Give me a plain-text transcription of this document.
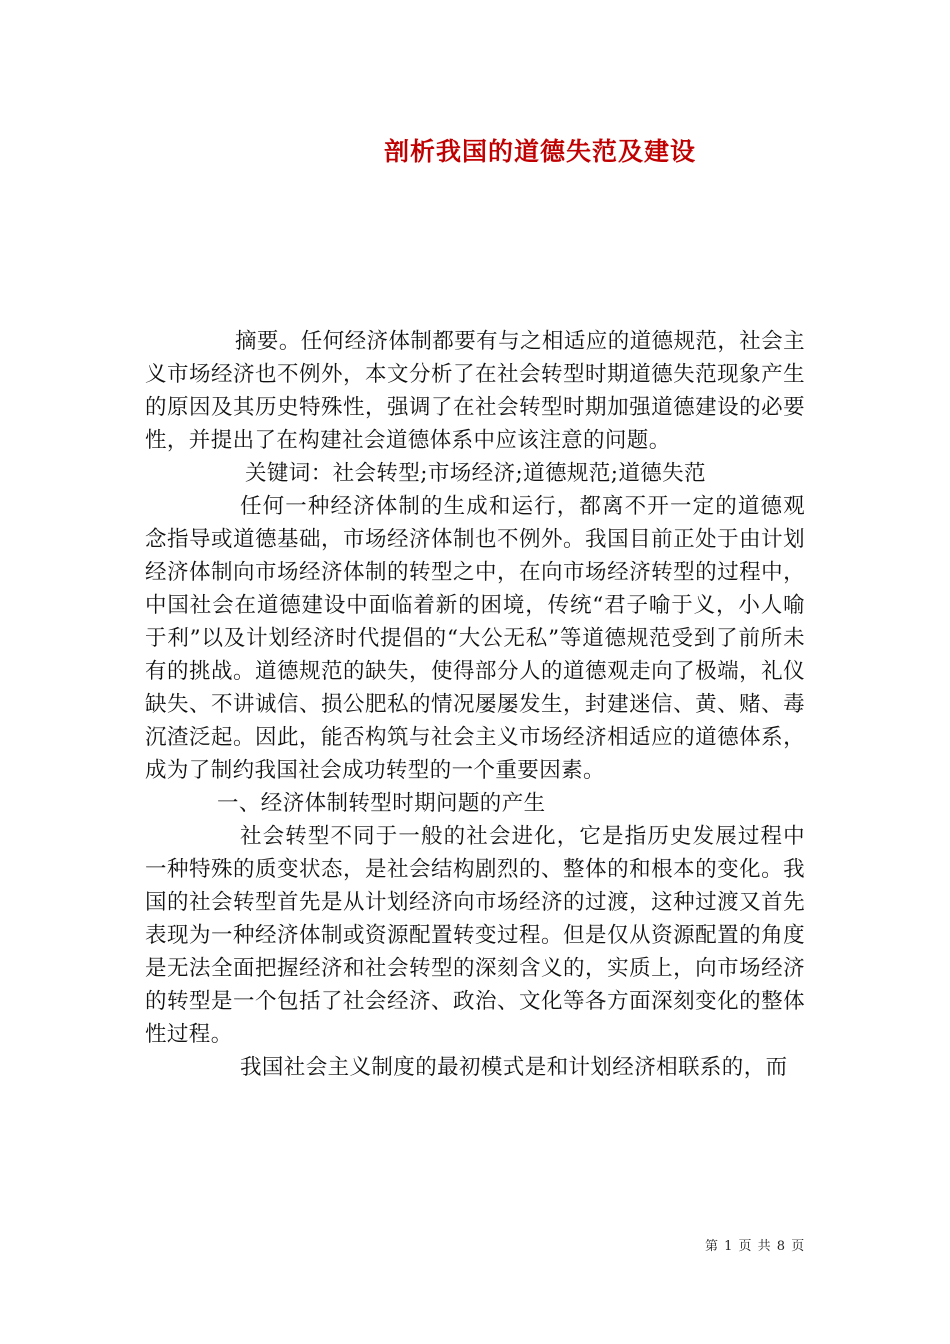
剖析我国的道德失范及建设

摘要。任何经济体制都要有与之相适应的道德规范，社会主义市场经济也不例外，本文分析了在社会转型时期道德失范现象产生的原因及其历史特殊性，强调了在社会转型时期加强道德建设的必要性，并提出了在构建社会道德体系中应该注意的问题。

关键词：社会转型;市场经济;道德规范;道德失范

任何一种经济体制的生成和运行，都离不开一定的道德观念指导或道德基础，市场经济体制也不例外。我国目前正处于由计划经济体制向市场经济体制的转型之中，在向市场经济转型的过程中，中国社会在道德建设中面临着新的困境，传统“君子喻于义，小人喻于利”以及计划经济时代提倡的“大公无私”等道德规范受到了前所未有的挑战。道德规范的缺失，使得部分人的道德观走向了极端，礼仪缺失、不讲诚信、损公肥私的情况屡屡发生，封建迷信、黄、赌、毒沉渣泛起。因此，能否构筑与社会主义市场经济相适应的道德体系，成为了制约我国社会成功转型的一个重要因素。

一、经济体制转型时期问题的产生

社会转型不同于一般的社会进化，它是指历史发展过程中一种特殊的质变状态，是社会结构剧烈的、整体的和根本的变化。我国的社会转型首先是从计划经济向市场经济的过渡，这种过渡又首先表现为一种经济体制或资源配置转变过程。但是仅从资源配置的角度是无法全面把握经济和社会转型的深刻含义的，实质上，向市场经济的转型是一个包括了社会经济、政治、文化等各方面深刻变化的整体性过程。

我国社会主义制度的最初模式是和计划经济相联系的，而

第 1 页 共 8 页
